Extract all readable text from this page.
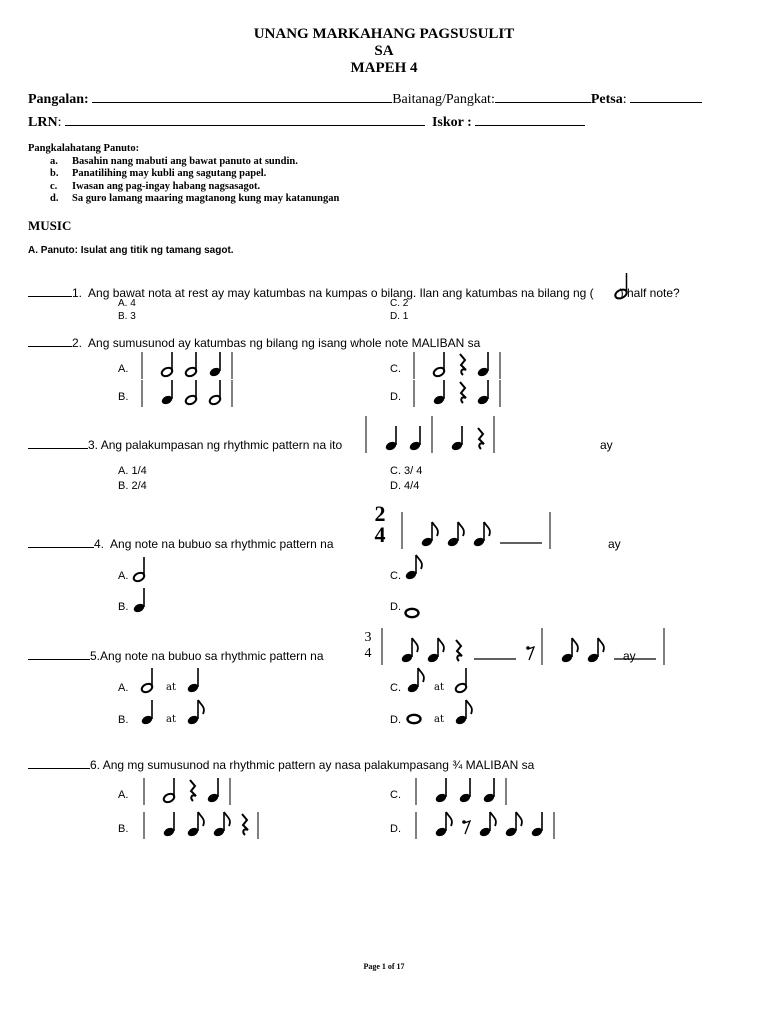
UNANG MARKAHANG PAGSUSULIT
SA
MAPEH 4
Pangalan:	Baitanag/Pangkat:	Petsa:
LRN:	Iskor :
Pangkalahatang Panuto:
a. Basahin nang mabuti ang bawat panuto at sundin.
b. Panatilihing may kubli ang sagutang papel.
c. Iwasan ang pag-ingay habang nagsasagot.
d. Sa guro lamang maaring magtanong kung may katanungan
MUSIC
A. Panuto: Isulat ang titik ng tamang sagot.
1. Ang bawat nota at rest ay may katumbas na kumpas o bilang. Ilan ang katumbas na bilang ng ( ) half note?
A. 4
B. 3
C. 2
D. 1
2. Ang sumusunod ay katumbas ng bilang ng isang whole note MALIBAN sa
A.
B.
C.
D.
3. Ang palakumpasan ng rhythmic pattern na ito	ay
A. 1/4
B. 2/4
C. 3/ 4
D. 4/4
4. Ang note na bubuo sa rhythmic pattern na
2
4	ay
A.
B.
C.
D.
5.Ang note na bubuo sa rhythmic pattern na
3
4	ay
A.
B.
C.
D.
at
at
at
at
6. Ang mg sumusunod na rhythmic pattern ay nasa palakumpasang ¾ MALIBAN sa
A.
B.
C.
D.
Page 1 of 17
